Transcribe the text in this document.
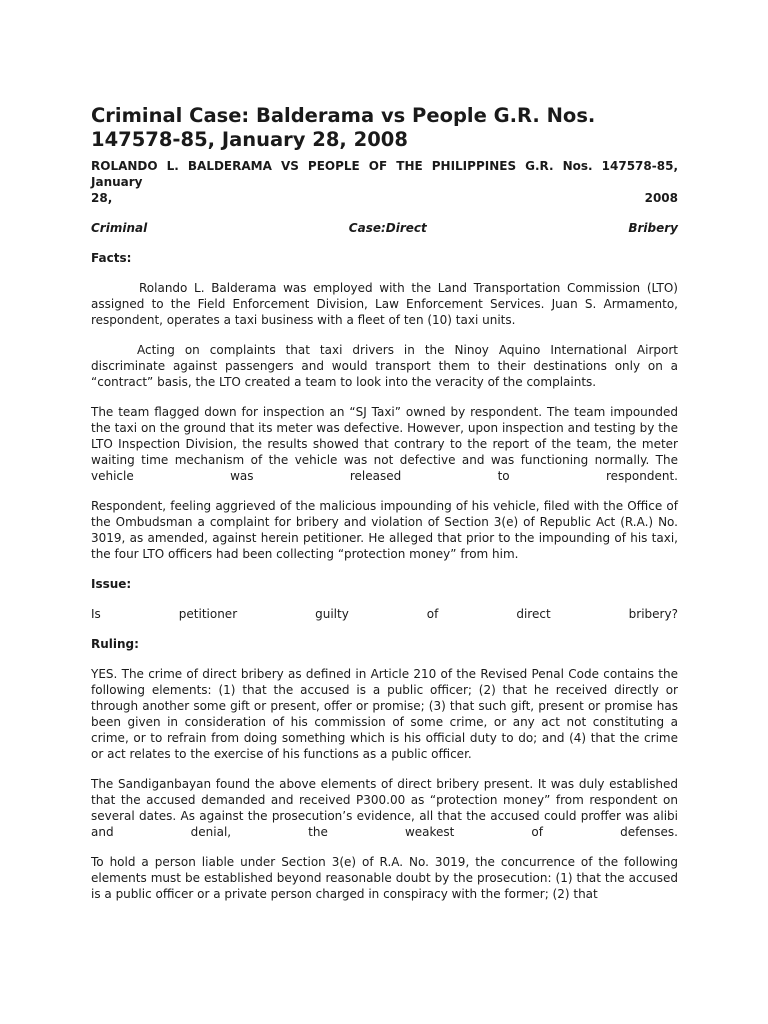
Criminal Case: Balderama vs People G.R. Nos. 147578-85, January 28, 2008
ROLANDO L. BALDERAMA VS PEOPLE OF THE PHILIPPINES G.R. Nos. 147578-85, January
28,	2008
Criminal	Case:Direct	Bribery
Facts:

Rolando L. Balderama was employed with the Land Transportation Commission (LTO) assigned to the Field Enforcement Division, Law Enforcement Services. Juan S. Armamento, respondent, operates a taxi business with a fleet of ten (10) taxi units.

Acting on complaints that taxi drivers in the Ninoy Aquino International Airport discriminate against passengers and would transport them to their destinations only on a “contract” basis, the LTO created a team to look into the veracity of the complaints.

The team flagged down for inspection an “SJ Taxi” owned by respondent. The team impounded the taxi on the ground that its meter was defective. However, upon inspection and testing by the LTO Inspection Division, the results showed that contrary to the report of the team, the meter waiting time mechanism of the vehicle was not defective and was functioning normally. The vehicle was released to respondent.

Respondent, feeling aggrieved of the malicious impounding of his vehicle, filed with the Office of the Ombudsman a complaint for bribery and violation of Section 3(e) of Republic Act (R.A.) No. 3019, as amended, against herein petitioner. He alleged that prior to the impounding of his taxi, the four LTO officers had been collecting “protection money” from him.

Issue:
Is	petitioner	guilty	of	direct	bribery?
Ruling:

YES. The crime of direct bribery as defined in Article 210 of the Revised Penal Code contains the following elements: (1) that the accused is a public officer; (2) that he received directly or through another some gift or present, offer or promise; (3) that such gift, present or promise has been given in consideration of his commission of some crime, or any act not constituting a crime, or to refrain from doing something which is his official duty to do; and (4) that the crime or act relates to the exercise of his functions as a public officer.

The Sandiganbayan found the above elements of direct bribery present. It was duly established that the accused demanded and received P300.00 as “protection money” from respondent on several dates. As against the prosecution’s evidence, all that the accused could proffer was alibi and denial, the weakest of defenses.

To hold a person liable under Section 3(e) of R.A. No. 3019, the concurrence of the following elements must be established beyond reasonable doubt by the prosecution: (1) that the accused is a public officer or a private person charged in conspiracy with the former; (2) that
